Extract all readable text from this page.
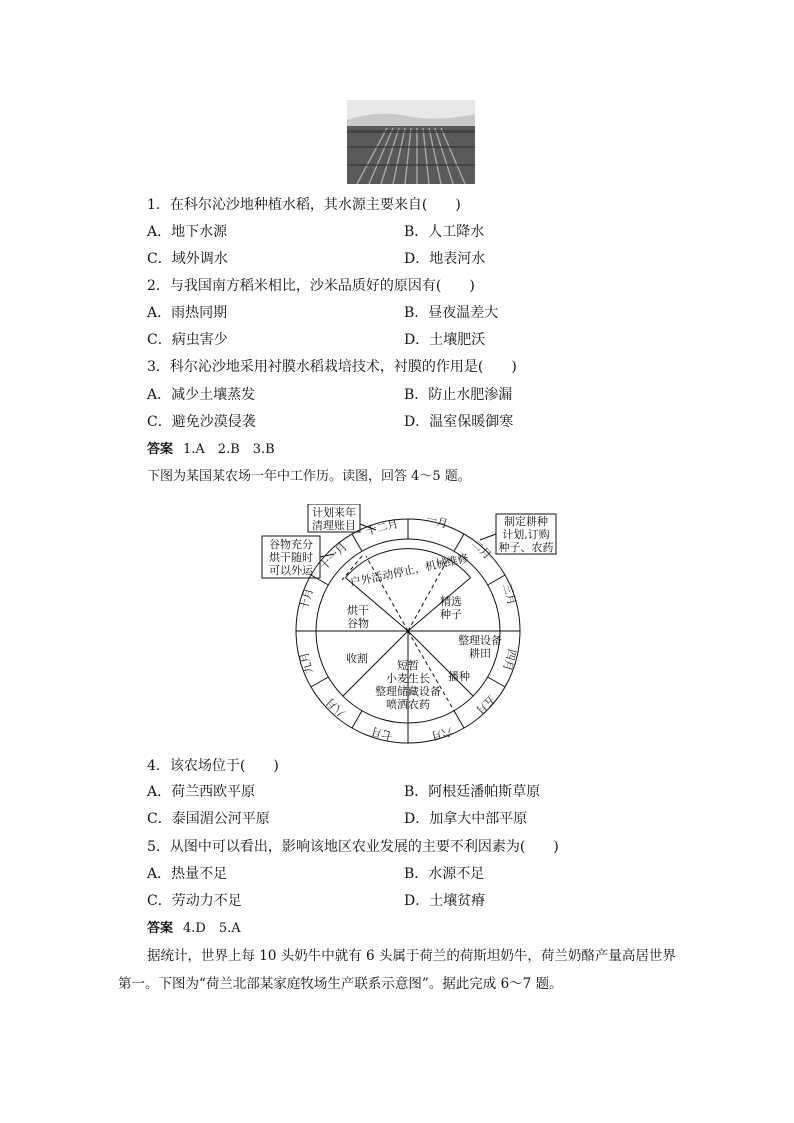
1．在科尔沁沙地种植水稻，其水源主要来自(　　)
A．地下水源	B．人工降水
C．域外调水	D．地表河水
2．与我国南方稻米相比，沙米品质好的原因有(　　)
A．雨热同期	B．昼夜温差大
C．病虫害少	D．土壤肥沃
3．科尔沁沙地采用衬膜水稻栽培技术，衬膜的作用是(　　)
A．减少土壤蒸发	B．防止水肥渗漏
C．避免沙漠侵袭	D．温室保暖御寒
答案 1.A　2.B　3.B
下图为某国某农场一年中工作历。读图，回答 4～5 题。
一月
二月
三月
四月
五月
六月
七月
八月
九月
十月
十一月
十二月
户外活动停止，机械维修
精选
种子
整理设备
耕田
播种
短暂
小麦生长
整理储藏设备
喷洒农药
收割
烘干
谷物
计划来年
清理账目
谷物充分
烘干随时
可以外运
制定耕种
计划,订购
种子、农药
4．该农场位于(　　)
A．荷兰西欧平原	B．阿根廷潘帕斯草原
C．泰国湄公河平原	D．加拿大中部平原
5．从图中可以看出，影响该地区农业发展的主要不利因素为(　　)
A．热量不足	B．水源不足
C．劳动力不足	D．土壤贫瘠
答案 4.D　5.A
据统计，世界上每 10 头奶牛中就有 6 头属于荷兰的荷斯坦奶牛，荷兰奶酪产量高居世界
第一。下图为“荷兰北部某家庭牧场生产联系示意图”。据此完成 6～7 题。
